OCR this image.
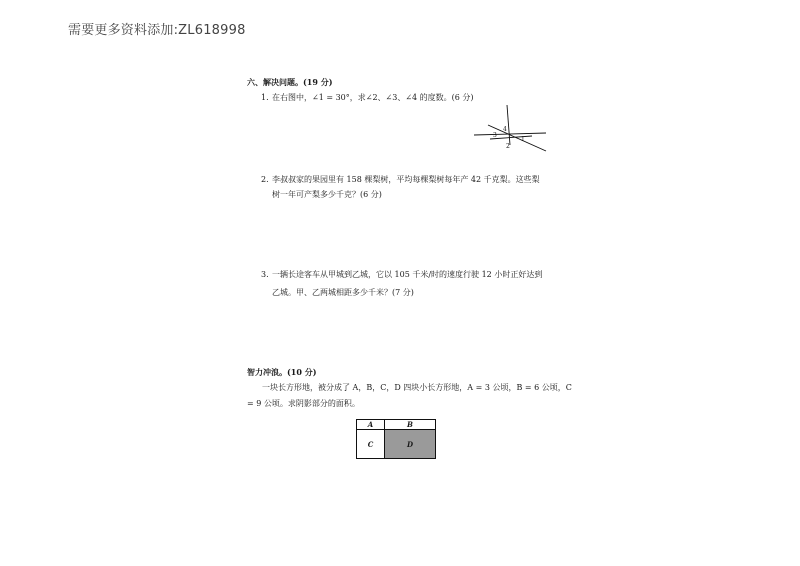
需要更多资料添加:ZL618998
六、解决问题。(19 分)
1. 在右图中，∠1 = 30°，求∠2、∠3、∠4 的度数。(6 分)
3
4
1
2
2. 李叔叔家的果园里有 158 棵梨树，平均每棵梨树每年产 42 千克梨。这些梨
树一年可产梨多少千克？(6 分)
3. 一辆长途客车从甲城到乙城，它以 105 千米/时的速度行驶 12 小时正好达到
乙城。甲、乙两城相距多少千米？(7 分)
智力冲浪。(10 分)
一块长方形地，被分成了 A，B，C，D 四块小长方形地，A = 3 公顷，B = 6 公顷，C
= 9 公顷。求阴影部分的面积。
A	B
C	D
